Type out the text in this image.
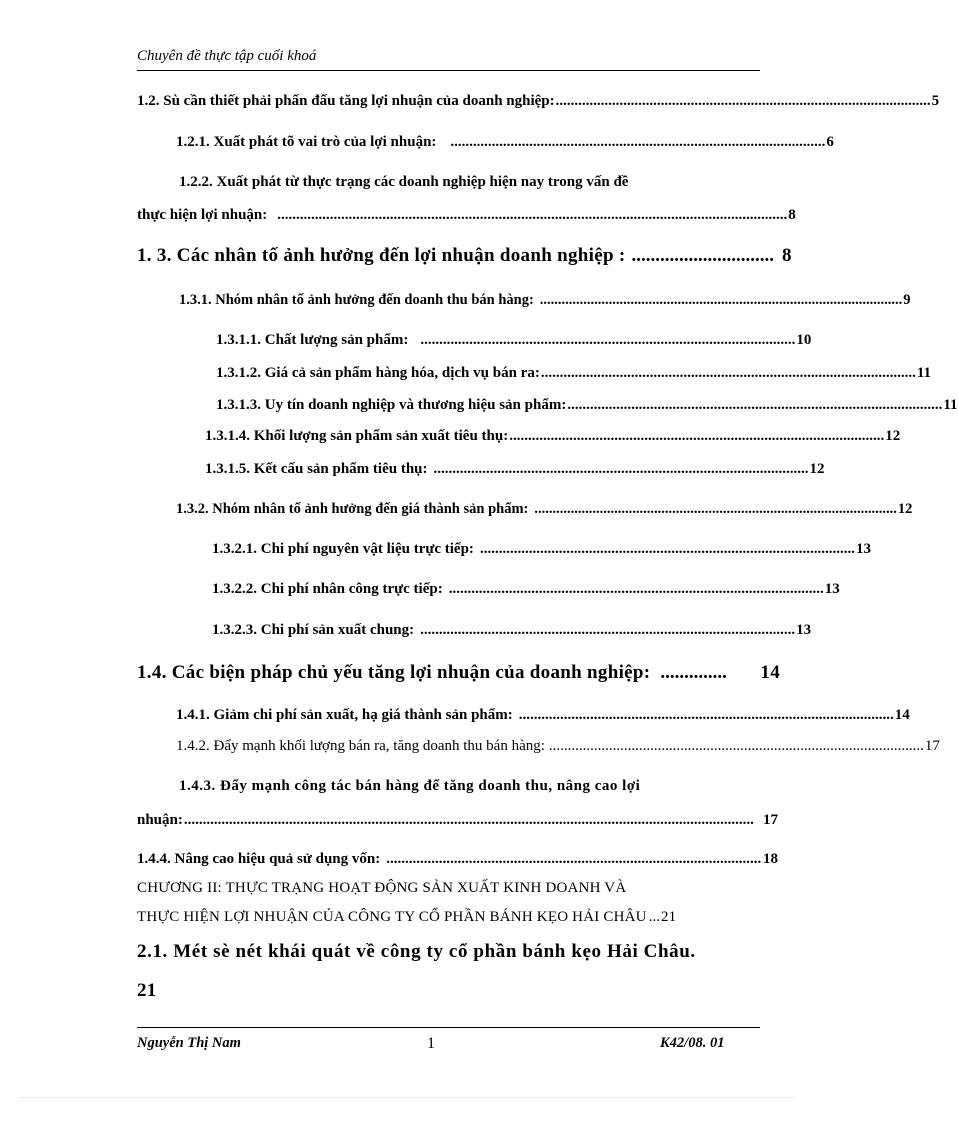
Chuyên đề thực tập cuối khoá
1.2. Sù cần thiết phải phấn đấu tăng lợi nhuận của doanh nghiệp: .................................................................................................... 5
1.2.1. Xuất phát tõ vai trò của lợi nhuận: .................................................................................................... 6
1.2.2. Xuất phát từ thực trạng các doanh nghiệp hiện nay trong vấn đề
thực hiện lợi nhuận: ........................................................................................................................................ 8
1. 3. Các nhân tố ảnh hưởng đến lợi nhuận doanh nghiệp : .............................. 8
1.3.1. Nhóm nhân tố ảnh hưởng đến doanh thu bán hàng: .................................................................................................... 9
1.3.1.1. Chất lượng sản phẩm: .................................................................................................... 10
1.3.1.2. Giá cả sản phẩm hàng hóa, dịch vụ bán ra: .................................................................................................... 11
1.3.1.3. Uy tín doanh nghiệp và thương hiệu sản phẩm: .................................................................................................... 11
1.3.1.4. Khối lượng sản phẩm sản xuất tiêu thụ: .................................................................................................... 12
1.3.1.5. Kết cấu sản phẩm tiêu thụ: .................................................................................................... 12
1.3.2. Nhóm nhân tố ảnh hưởng đến giá thành sản phẩm: .................................................................................................... 12
1.3.2.1. Chi phí nguyên vật liệu trực tiếp: .................................................................................................... 13
1.3.2.2. Chi phí nhân công trực tiếp: .................................................................................................... 13
1.3.2.3. Chi phí sản xuất chung: .................................................................................................... 13
1.4. Các biện pháp chủ yếu tăng lợi nhuận của doanh nghiệp: ..............	14
1.4.1. Giảm chi phí sản xuất, hạ giá thành sản phẩm: .................................................................................................... 14
1.4.2. Đẩy mạnh khối lượng bán ra, tăng doanh thu bán hàng: .................................................................................................... 17
1.4.3. Đẩy mạnh công tác bán hàng để tăng doanh thu, nâng cao lợi
nhuận: ........................................................................................................................................................ 17
1.4.4. Nâng cao hiệu quả sử dụng vốn: .................................................................................................... 18
CHƯƠNG II: THỰC TRẠNG HOẠT ĐỘNG SẢN XUẤT KINH DOANH VÀ
THỰC HIỆN LỢI NHUẬN CỦA CÔNG TY CỔ PHẦN BÁNH KẸO HẢI CHÂU ... 21
2.1. Mét sè nét khái quát về công ty cổ phần bánh kẹo Hải Châu.
21
Nguyễn Thị Nam	1	K42/08. 01
